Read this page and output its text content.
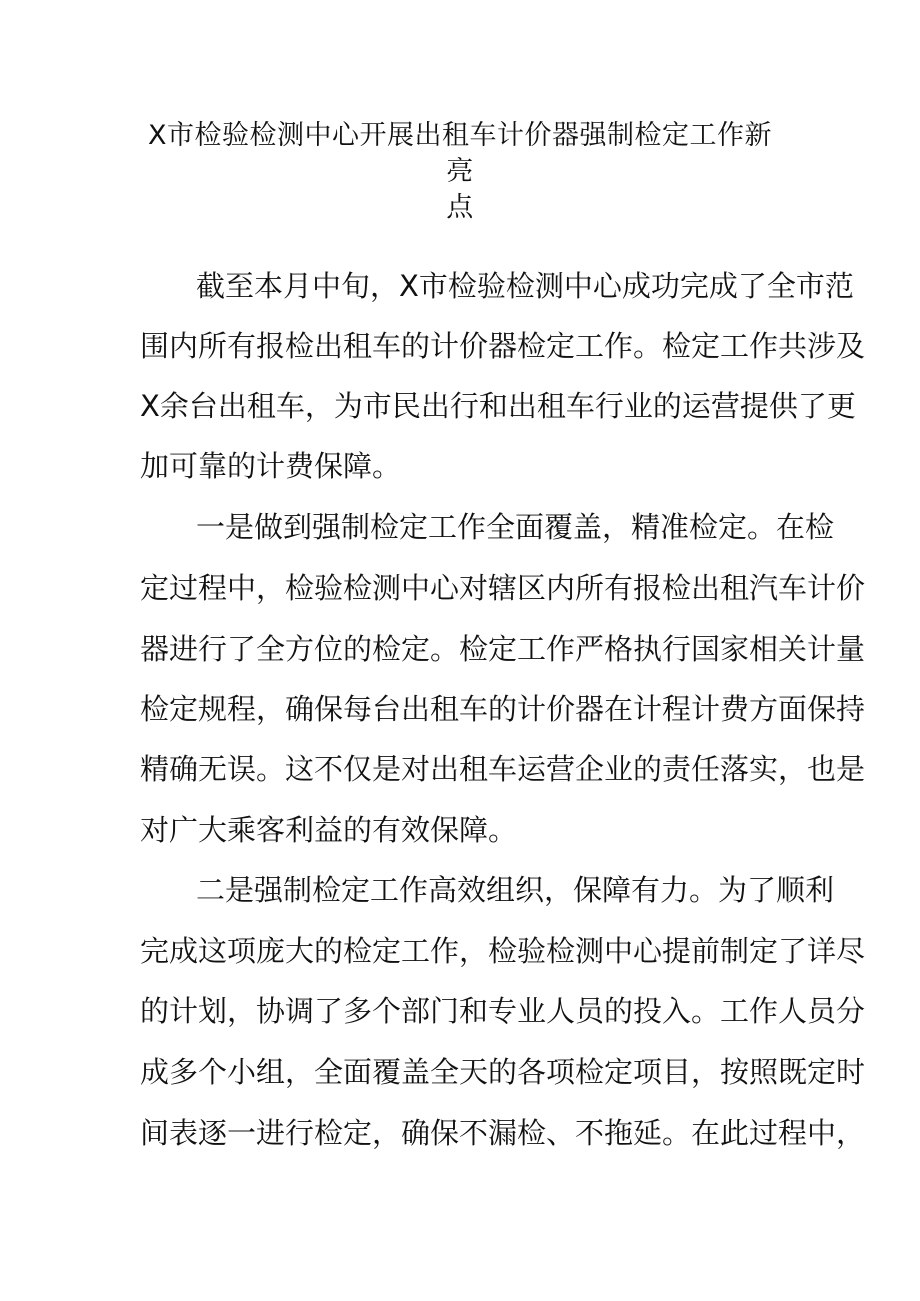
X市检验检测中心开展出租车计价器强制检定工作新亮
点
截至本月中旬，X市检验检测中心成功完成了全市范
围内所有报检出租车的计价器检定工作。检定工作共涉及
X余台出租车，为市民出行和出租车行业的运营提供了更
加可靠的计费保障。
一是做到强制检定工作全面覆盖，精准检定。在检
定过程中，检验检测中心对辖区内所有报检出租汽车计价
器进行了全方位的检定。检定工作严格执行国家相关计量
检定规程，确保每台出租车的计价器在计程计费方面保持
精确无误。这不仅是对出租车运营企业的责任落实，也是
对广大乘客利益的有效保障。
二是强制检定工作高效组织，保障有力。为了顺利
完成这项庞大的检定工作，检验检测中心提前制定了详尽
的计划，协调了多个部门和专业人员的投入。工作人员分
成多个小组，全面覆盖全天的各项检定项目，按照既定时
间表逐一进行检定，确保不漏检、不拖延。在此过程中，
